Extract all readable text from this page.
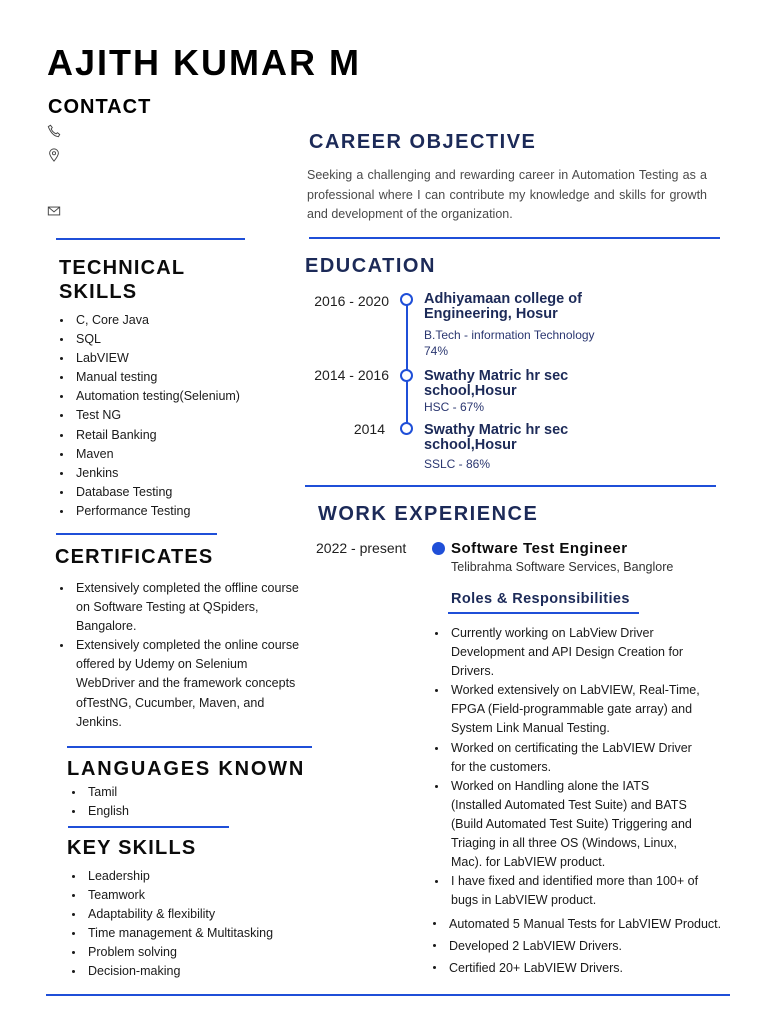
AJITH KUMAR M
CONTACT
TECHNICAL
SKILLS
C, Core Java
SQL
LabVIEW
Manual testing
Automation testing(Selenium)
Test NG
Retail Banking
Maven
Jenkins
Database Testing
Performance Testing
CERTIFICATES
Extensively completed the offline course on Software Testing at QSpiders, Bangalore.
Extensively completed the online course offered by Udemy on Selenium WebDriver and the framework concepts ofTestNG, Cucumber, Maven, and Jenkins.
LANGUAGES KNOWN
Tamil
English
KEY SKILLS
Leadership
Teamwork
Adaptability & flexibility
Time management & Multitasking
Problem solving
Decision-making
CAREER OBJECTIVE
Seeking a challenging and rewarding career in Automation Testing as a professional where I can contribute my knowledge and skills for growth and development of the organization.
EDUCATION
2016 - 2020 Adhiyamaan college of Engineering, Hosur
B.Tech - information Technology
74%
2014 - 2016 Swathy Matric hr sec school,Hosur
HSC - 67%
2014	Swathy Matric hr sec school,Hosur
SSLC - 86%
WORK EXPERIENCE
2022 - present	Software Test Engineer
Telibrahma Software Services, Banglore
Roles & Responsibilities
Currently working on LabView Driver Development and API Design Creation for Drivers.
Worked extensively on LabVIEW, Real-Time, FPGA (Field-programmable gate array) and System Link Manual Testing.
Worked on certificating the LabVIEW Driver for the customers.
Worked on Handling alone the IATS (Installed Automated Test Suite) and BATS (Build Automated Test Suite) Triggering and Triaging in all three OS (Windows, Linux, Mac). for LabVIEW product.
I have fixed and identified more than 100+ of bugs in LabVIEW product.
Automated 5 Manual Tests for LabVIEW Product.
Developed 2 LabVIEW Drivers.
Certified 20+ LabVIEW Drivers.
